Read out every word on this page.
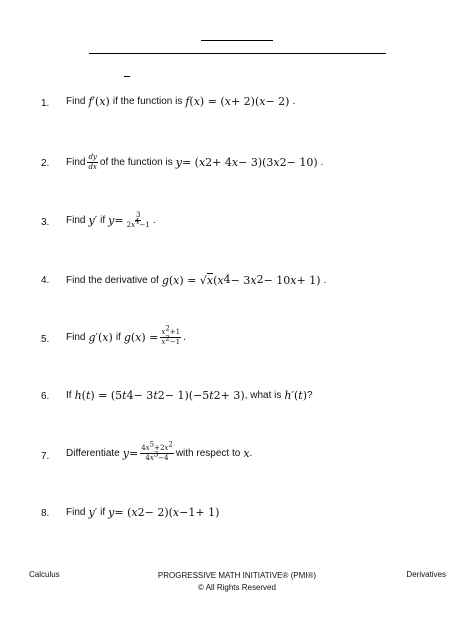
1. Find f ′( x ) if the function is f ( x ) = ( x + 2)( x − 2) .
2. Find $\frac{dy}{dx}$ of the function is y = ( x 2 + 4 x − 3)(3 x 2 − 10) .
3. Find y′ if $y = \frac{3}{2x^4-1}$ .
4. Find the derivative of g ( x ) = √ x ( x 4 − 3 x 2 − 10 x + 1) .
5. Find g ′( x ) if g ( x ) = $\frac{x^2+1}{x^2-1}$ .
6. If h ( t ) = (5 t 4 − 3 t 2 − 1)(−5 t 2 + 3) , what is h ′( t ) ?
7. Differentiate $y = \frac{4x^5+2x^2}{4x^3-4}$ with respect to x .
8. Find y′ if y = ( x 2 − 2)( x −1 + 1)
Calculus	PROGRESSIVE MATH INITIATIVE® (PMI®)
© All Rights Reserved
Derivatives
